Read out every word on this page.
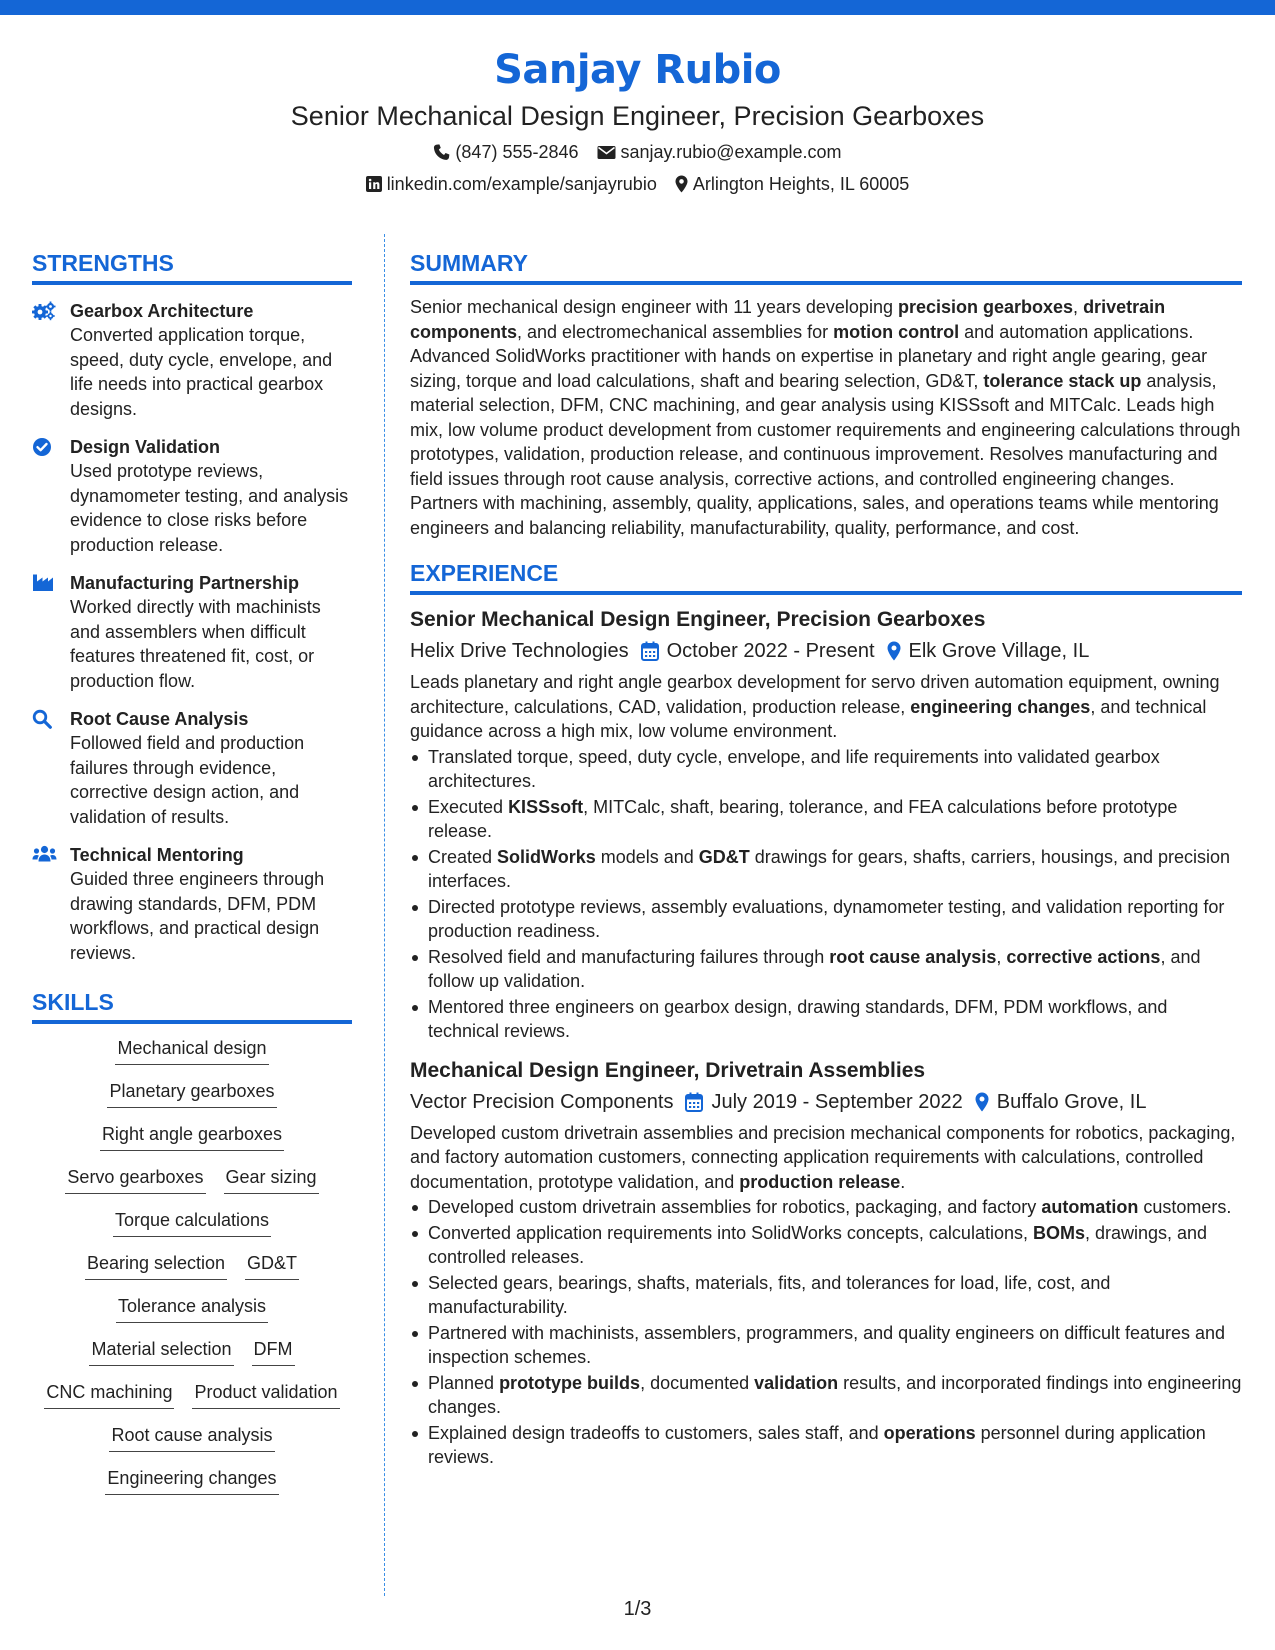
Sanjay Rubio
Senior Mechanical Design Engineer, Precision Gearboxes
(847) 555-2846 sanjay.rubio@example.com
linkedin.com/example/sanjayrubio Arlington Heights, IL 60005
STRENGTHS
Gearbox Architecture
Converted application torque, speed, duty cycle, envelope, and life needs into practical gearbox designs.
Design Validation
Used prototype reviews, dynamometer testing, and analysis evidence to close risks before production release.
Manufacturing Partnership
Worked directly with machinists and assemblers when difficult features threatened fit, cost, or production flow.
Root Cause Analysis
Followed field and production failures through evidence, corrective design action, and validation of results.
Technical Mentoring
Guided three engineers through drawing standards, DFM, PDM workflows, and practical design reviews.
SKILLS
Mechanical design
Planetary gearboxes
Right angle gearboxes
Servo gearboxes Gear sizing
Torque calculations
Bearing selection GD&T
Tolerance analysis
Material selection DFM
CNC machining Product validation
Root cause analysis
Engineering changes
SUMMARY
Senior mechanical design engineer with 11 years developing precision gearboxes, drivetrain components, and electromechanical assemblies for motion control and automation applications. Advanced SolidWorks practitioner with hands on expertise in planetary and right angle gearing, gear sizing, torque and load calculations, shaft and bearing selection, GD&T, tolerance stack up analysis, material selection, DFM, CNC machining, and gear analysis using KISSsoft and MITCalc. Leads high mix, low volume product development from customer requirements and engineering calculations through prototypes, validation, production release, and continuous improvement. Resolves manufacturing and field issues through root cause analysis, corrective actions, and controlled engineering changes. Partners with machining, assembly, quality, applications, sales, and operations teams while mentoring engineers and balancing reliability, manufacturability, quality, performance, and cost.
EXPERIENCE
Senior Mechanical Design Engineer, Precision Gearboxes
Helix Drive Technologies October 2022 - Present Elk Grove Village, IL
Leads planetary and right angle gearbox development for servo driven automation equipment, owning architecture, calculations, CAD, validation, production release, engineering changes, and technical guidance across a high mix, low volume environment.
Translated torque, speed, duty cycle, envelope, and life requirements into validated gearbox architectures.
Executed KISSsoft, MITCalc, shaft, bearing, tolerance, and FEA calculations before prototype release.
Created SolidWorks models and GD&T drawings for gears, shafts, carriers, housings, and precision interfaces.
Directed prototype reviews, assembly evaluations, dynamometer testing, and validation reporting for production readiness.
Resolved field and manufacturing failures through root cause analysis, corrective actions, and follow up validation.
Mentored three engineers on gearbox design, drawing standards, DFM, PDM workflows, and technical reviews.
Mechanical Design Engineer, Drivetrain Assemblies
Vector Precision Components July 2019 - September 2022 Buffalo Grove, IL
Developed custom drivetrain assemblies and precision mechanical components for robotics, packaging, and factory automation customers, connecting application requirements with calculations, controlled documentation, prototype validation, and production release.
Developed custom drivetrain assemblies for robotics, packaging, and factory automation customers.
Converted application requirements into SolidWorks concepts, calculations, BOMs, drawings, and controlled releases.
Selected gears, bearings, shafts, materials, fits, and tolerances for load, life, cost, and manufacturability.
Partnered with machinists, assemblers, programmers, and quality engineers on difficult features and inspection schemes.
Planned prototype builds, documented validation results, and incorporated findings into engineering changes.
Explained design tradeoffs to customers, sales staff, and operations personnel during application reviews.
1/3
